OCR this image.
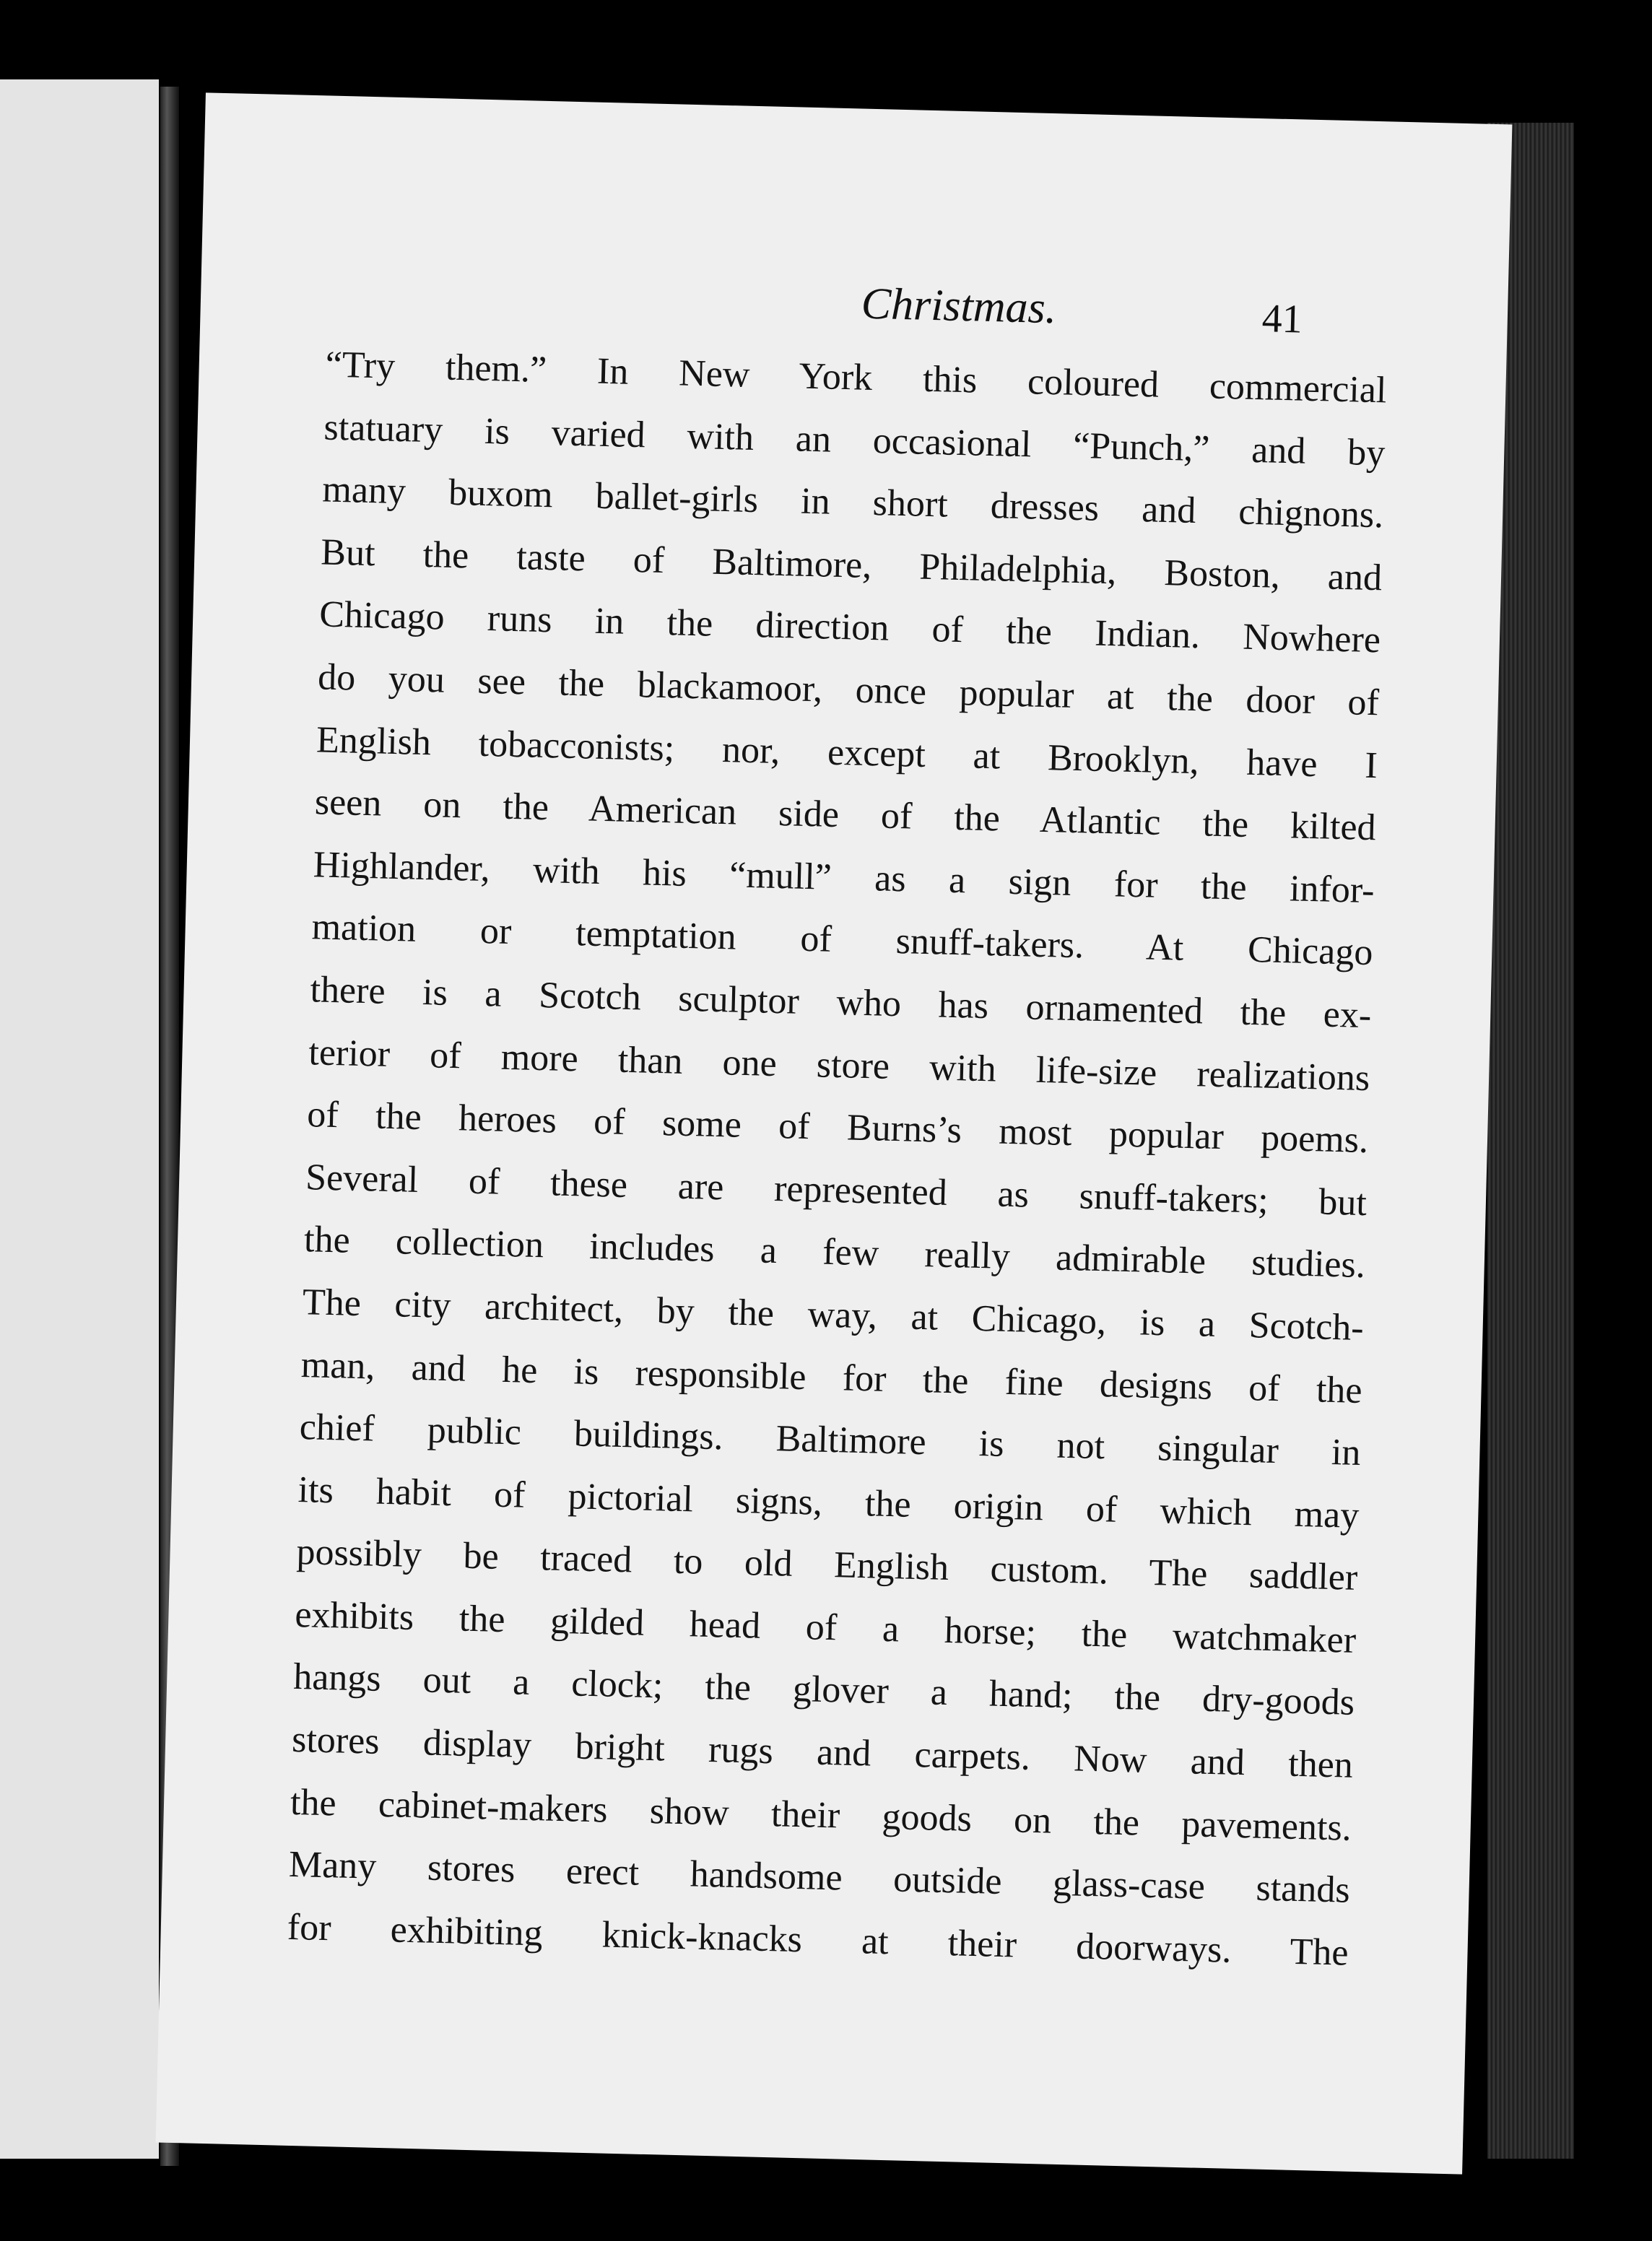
Christmas.	41
“Try them.” In New York this coloured commercial
statuary is varied with an occasional “Punch,” and by
many buxom ballet-girls in short dresses and chignons.
But the taste of Baltimore, Philadelphia, Boston, and
Chicago runs in the direction of the Indian. Nowhere
do you see the blackamoor, once popular at the door of
English tobacconists; nor, except at Brooklyn, have I
seen on the American side of the Atlantic the kilted
Highlander, with his “mull” as a sign for the infor-
mation or temptation of snuff-takers. At Chicago
there is a Scotch sculptor who has ornamented the ex-
terior of more than one store with life-size realizations
of the heroes of some of Burns’s most popular poems.
Several of these are represented as snuff-takers; but
the collection includes a few really admirable studies.
The city architect, by the way, at Chicago, is a Scotch-
man, and he is responsible for the fine designs of the
chief public buildings. Baltimore is not singular in
its habit of pictorial signs, the origin of which may
possibly be traced to old English custom. The saddler
exhibits the gilded head of a horse; the watchmaker
hangs out a clock; the glover a hand; the dry-goods
stores display bright rugs and carpets. Now and then
the cabinet-makers show their goods on the pavements.
Many stores erect handsome outside glass-case stands
for exhibiting knick-knacks at their doorways. The
